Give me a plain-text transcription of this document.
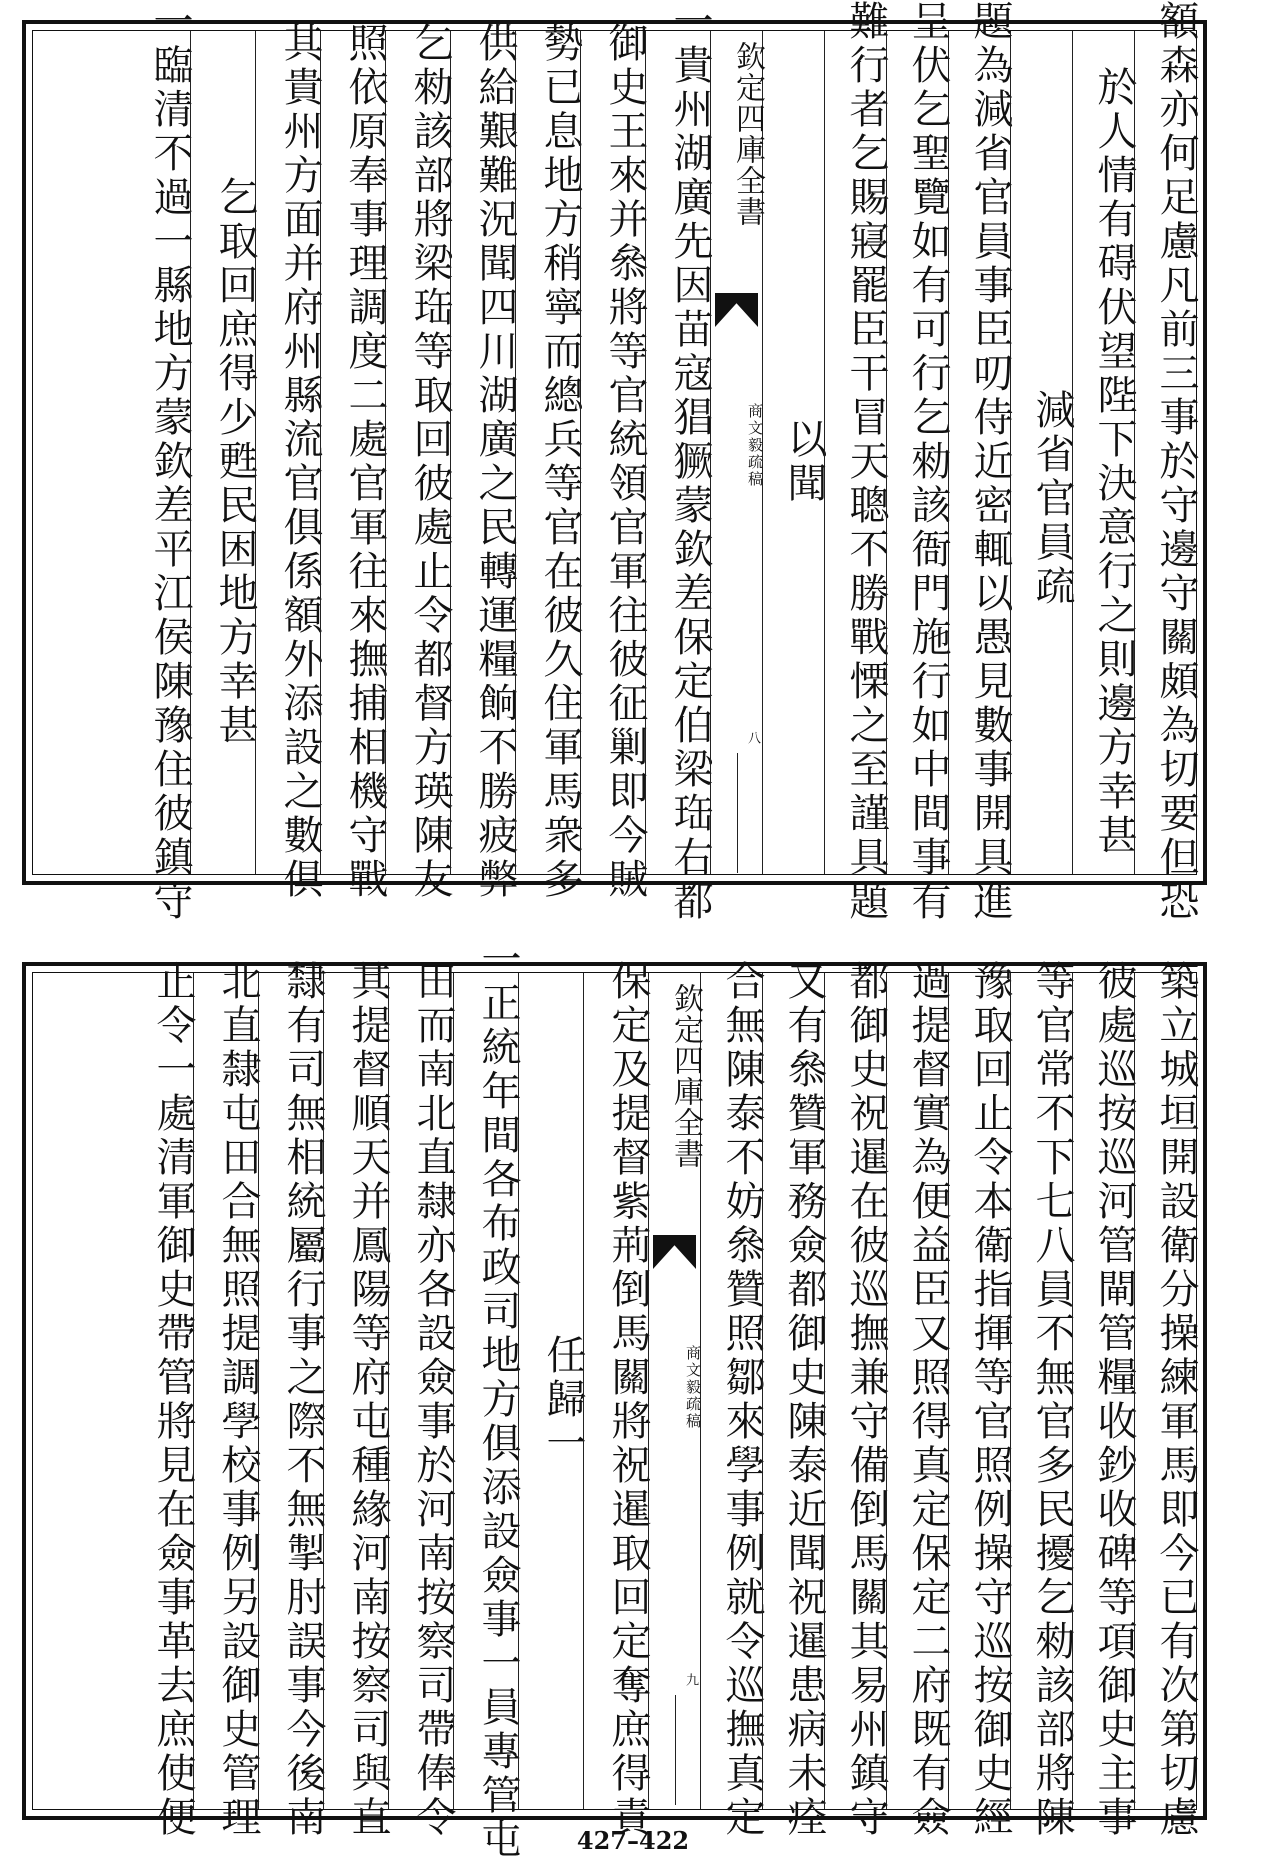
額森亦何足慮凡前三事於守邊守關頗為切要但恐
於人情有碍伏望陛下決意行之則邊方幸甚
減省官員疏
題為減省官員事臣叨侍近密輒以愚見數事開具進
呈伏乞聖覽如有可行乞勑該衙門施行如中間事有
難行者乞賜寢罷臣干冒天聰不勝戰慄之至謹具題
以聞
欽定四庫全書
商文毅疏稿
八
一貴州湖廣先因苗寇猖獗蒙欽差保定伯梁珤右都
御史王來并叅將等官統領官軍往彼征剿即今賊
勢已息地方稍寧而總兵等官在彼久住軍馬衆多
供給艱難況聞四川湖廣之民轉運糧餉不勝疲弊
乞勑該部將梁珤等取回彼處止令都督方瑛陳友
照依原奉事理調度二處官軍往來撫捕相機守戰
其貴州方面并府州縣流官俱係額外添設之數俱
乞取回庶得少甦民困地方幸甚
一臨清不過一縣地方蒙欽差平江侯陳豫住彼鎮守
築立城垣開設衛分操練軍馬即今已有次第切慮
彼處巡按巡河管閘管糧收鈔收碑等項御史主事
等官常不下七八員不無官多民擾乞勑該部將陳
豫取回止令本衛指揮等官照例操守巡按御史經
過提督實為便益臣又照得真定保定二府既有僉
都御史祝暹在彼巡撫兼守備倒馬關其易州鎮守
又有叅贊軍務僉都御史陳泰近聞祝暹患病未痊
合無陳泰不妨叅贊照鄒來學事例就令巡撫真定
欽定四庫全書
商文毅疏稿
九
保定及提督紫荊倒馬關將祝暹取回定奪庶得責
任歸一
一正統年間各布政司地方俱添設僉事一員專管屯
田而南北直隸亦各設僉事於河南按察司帶俸令
其提督順天并鳳陽等府屯種緣河南按察司與直
隸有司無相統屬行事之際不無掣肘誤事今後南
北直隸屯田合無照提調學校事例另設御史管理
止令一處清軍御史帶管將見在僉事革去庶使便
427–422
